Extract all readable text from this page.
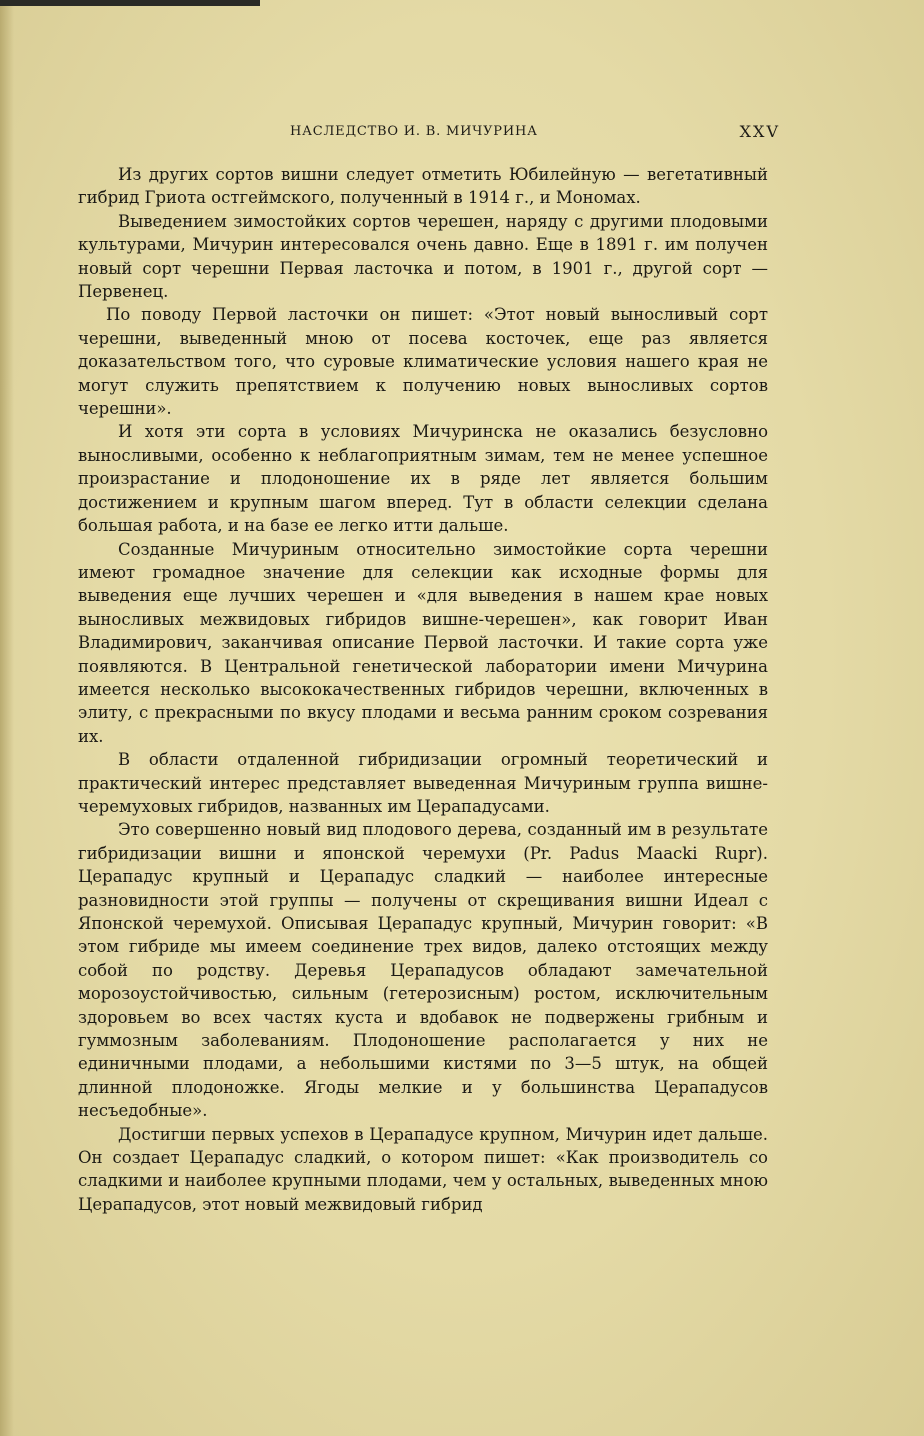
НАСЛЕДСТВО И. В. МИЧУРИНА	XXV

Из других сортов вишни следует отметить Юбилейную — вегетативный гибрид Гриота остгеймского, полученный в 1914 г., и Мономах.

Выведением зимостойких сортов черешен, наряду с другими плодовыми культурами, Мичурин интересовался очень давно. Еще в 1891 г. им получен новый сорт черешни Первая ласточка и потом, в 1901 г., другой сорт — Первенец.

По поводу Первой ласточки он пишет: «Этот новый выносливый сорт черешни, выведенный мною от посева косточек, еще раз является доказательством того, что суровые климатические условия нашего края не могут служить препятствием к получению новых выносливых сортов черешни».

И хотя эти сорта в условиях Мичуринска не оказались безусловно выносливыми, особенно к неблагоприятным зимам, тем не менее успешное произрастание и плодоношение их в ряде лет является большим достижением и крупным шагом вперед. Тут в области селекции сделана большая работа, и на базе ее легко итти дальше.

Созданные Мичуриным относительно зимостойкие сорта черешни имеют громадное значение для селекции как исходные формы для выведения еще лучших черешен и «для выведения в нашем крае новых выносливых межвидовых гибридов вишне-черешен», как говорит Иван Владимирович, заканчивая описание Первой ласточки. И такие сорта уже появляются. В Центральной генетической лаборатории имени Мичурина имеется несколько высококачественных гибридов черешни, включенных в элиту, с прекрасными по вкусу плодами и весьма ранним сроком созревания их.

В области отдаленной гибридизации огромный теоретический и практический интерес представляет выведенная Мичуриным группа вишне-черемуховых гибридов, названных им Церападусами.

Это совершенно новый вид плодового дерева, созданный им в результате гибридизации вишни и японской черемухи (Pr. Padus Maacki Rupr). Церападус крупный и Церападус сладкий — наиболее интересные разновидности этой группы — получены от скрещивания вишни Идеал с Японской черемухой. Описывая Церападус крупный, Мичурин говорит: «В этом гибриде мы имеем соединение трех видов, далеко отстоящих между собой по родству. Деревья Церападусов обладают замечательной морозоустойчивостью, сильным (гетерозисным) ростом, исключительным здоровьем во всех частях куста и вдобавок не подвержены грибным и гуммозным заболеваниям. Плодоношение располагается у них не единичными плодами, а небольшими кистями по 3—5 штук, на общей длинной плодоножке. Ягоды мелкие и у большинства Церападусов несъедобные».

Достигши первых успехов в Церападусе крупном, Мичурин идет дальше. Он создает Церападус сладкий, о котором пишет: «Как производитель со сладкими и наиболее крупными плодами, чем у остальных, выведенных мною Церападусов, этот новый межвидовый гибрид
